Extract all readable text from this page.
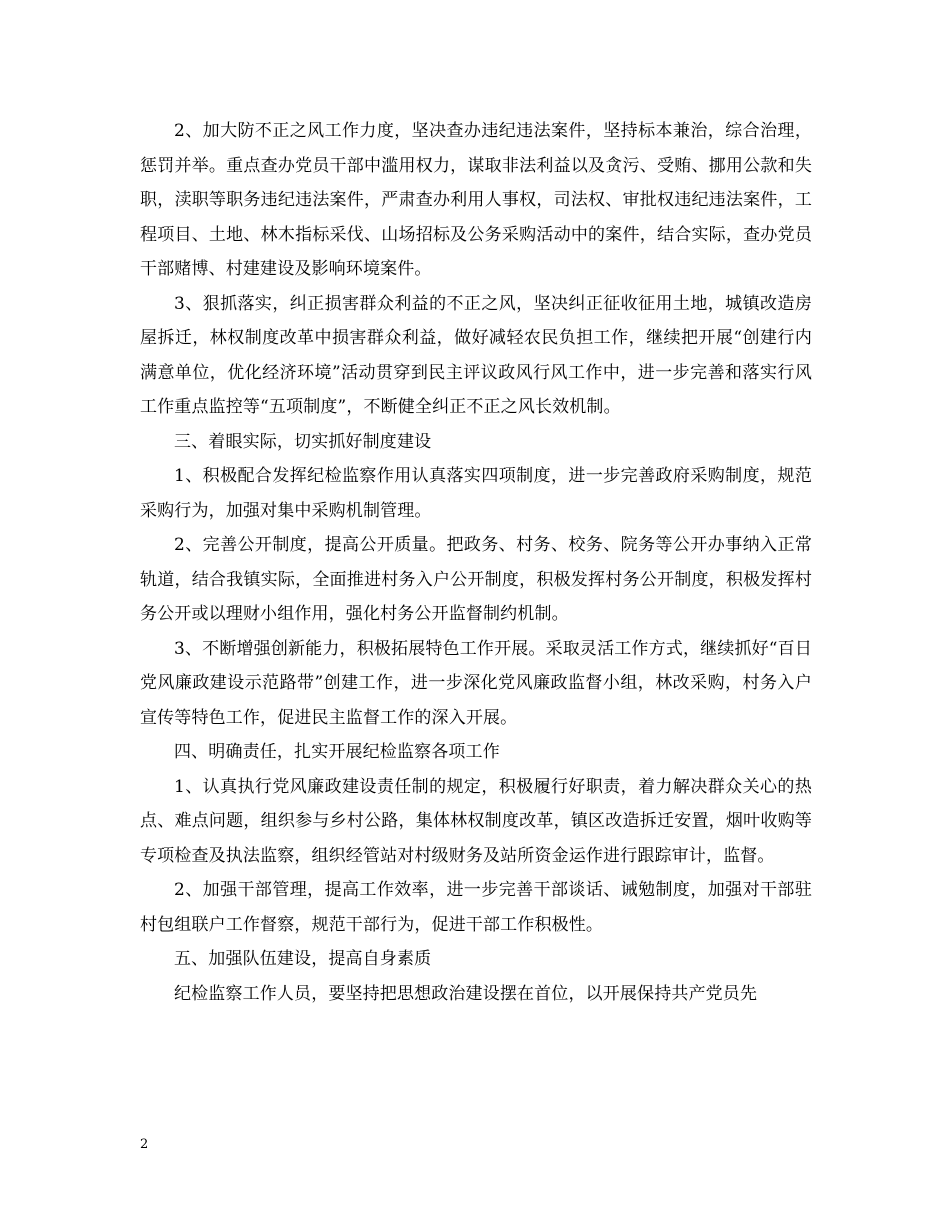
2、加大防不正之风工作力度，坚决查办违纪违法案件，坚持标本兼治，综合治理，惩罚并举。重点查办党员干部中滥用权力，谋取非法利益以及贪污、受贿、挪用公款和失职，渎职等职务违纪违法案件，严肃查办利用人事权，司法权、审批权违纪违法案件，工程项目、土地、林木指标采伐、山场招标及公务采购活动中的案件，结合实际，查办党员干部赌博、村建建设及影响环境案件。

3、狠抓落实，纠正损害群众利益的不正之风，坚决纠正征收征用土地，城镇改造房屋拆迁，林权制度改革中损害群众利益，做好减轻农民负担工作，继续把开展“创建行内满意单位，优化经济环境”活动贯穿到民主评议政风行风工作中，进一步完善和落实行风工作重点监控等“五项制度”，不断健全纠正不正之风长效机制。

三、着眼实际，切实抓好制度建设

1、积极配合发挥纪检监察作用认真落实四项制度，进一步完善政府采购制度，规范采购行为，加强对集中采购机制管理。

2、完善公开制度，提高公开质量。把政务、村务、校务、院务等公开办事纳入正常轨道，结合我镇实际，全面推进村务入户公开制度，积极发挥村务公开制度，积极发挥村务公开或以理财小组作用，强化村务公开监督制约机制。

3、不断增强创新能力，积极拓展特色工作开展。采取灵活工作方式，继续抓好“百日党风廉政建设示范路带”创建工作，进一步深化党风廉政监督小组，林改采购，村务入户宣传等特色工作，促进民主监督工作的深入开展。

四、明确责任，扎实开展纪检监察各项工作

1、认真执行党风廉政建设责任制的规定，积极履行好职责，着力解决群众关心的热点、难点问题，组织参与乡村公路，集体林权制度改革，镇区改造拆迁安置，烟叶收购等专项检查及执法监察，组织经管站对村级财务及站所资金运作进行跟踪审计，监督。

2、加强干部管理，提高工作效率，进一步完善干部谈话、诫勉制度，加强对干部驻村包组联户工作督察，规范干部行为，促进干部工作积极性。

五、加强队伍建设，提高自身素质

纪检监察工作人员，要坚持把思想政治建设摆在首位，以开展保持共产党员先

2
